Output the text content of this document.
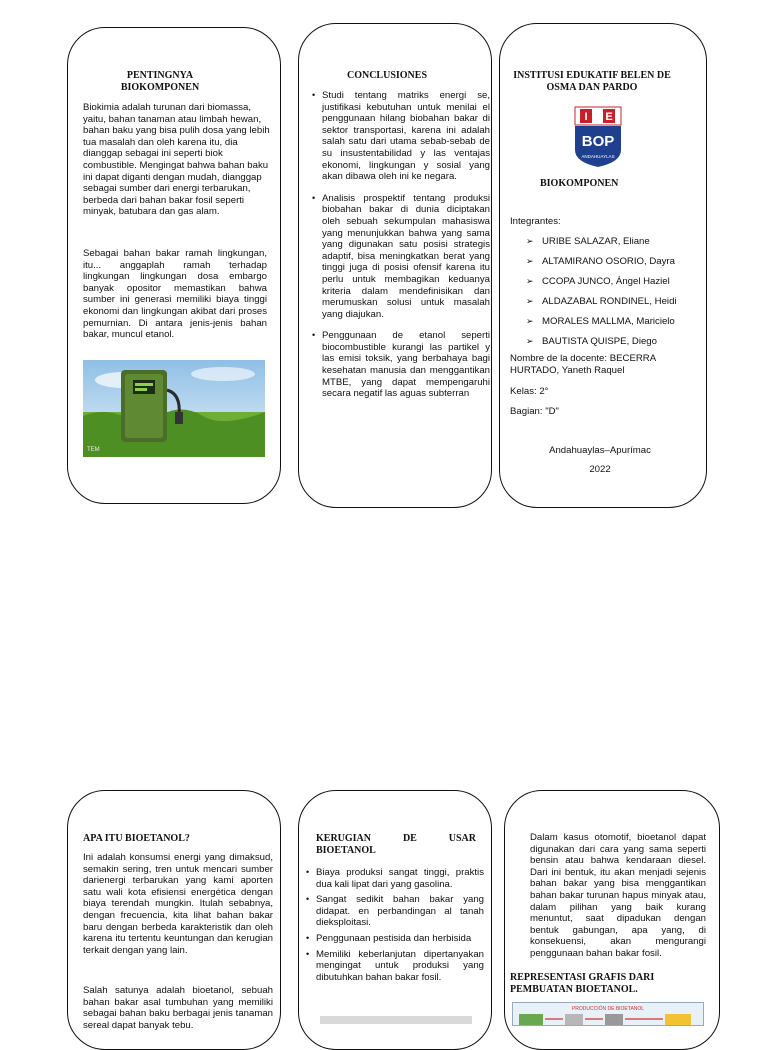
PENTINGNYA BIOKOMPONEN
Biokimia adalah turunan dari biomassa, yaitu, bahan tanaman atau limbah hewan, bahan baku yang bisa pulih dosa yang lebih tua masalah dan oleh karena itu, dia dianggap sebagai ini seperti biok combustible. Mengingat bahwa bahan baku ini dapat diganti dengan mudah, dianggap sebagai sumber dari energi terbarukan, berbeda dari bahan bakar fosil seperti minyak, batubara dan gas alam.
Sebagai bahan bakar ramah lingkungan, itu... anggaplah ramah terhadap lingkungan lingkungan dosa embargo banyak opositor memastikan bahwa sumber ini generasi memiliki biaya tinggi ekonomi dan lingkungan akibat dari proses pemurnian. Di antara jenis-jenis bahan bakar, muncul etanol.
TEM
CONCLUSIONES
• Studi tentang matriks energi se, justifikasi kebutuhan untuk menilai el penggunaan hilang biobahan bakar di sektor transportasi, karena ini adalah salah satu dari utama sebab-sebab de su insustentabilidad y las ventajas ekonomi, lingkungan y sosial yang akan dibawa oleh ini ke negara.
• Analisis prospektif tentang produksi biobahan bakar di dunia diciptakan oleh sebuah sekumpulan mahasiswa yang menunjukkan bahwa yang sama yang digunakan satu posisi strategis adaptif, bisa meningkatkan berat yang tinggi juga di posisi ofensif karena itu perlu untuk membagikan keduanya kriteria dalam mendefinisikan dan merumuskan solusi untuk masalah yang diajukan.
• Penggunaan de etanol seperti biocombustible kurangi las partikel y las emisi toksik, yang berbahaya bagi kesehatan manusia dan menggantikan MTBE, yang dapat mempengaruhi secara negatif las aguas subterran
INSTITUSI EDUKATIF BELEN DE OSMA DAN PARDO
I E
BOP
ANDAHUAYLAS
BIOKOMPONEN
Integrantes:
➢ URIBE SALAZAR, Eliane
➢ ALTAMIRANO OSORIO, Dayra
➢ CCOPA JUNCO, Ángel Haziel
➢ ALDAZABAL RONDINEL, Heidi
➢ MORALES MALLMA, Maricielo
➢ BAUTISTA QUISPE, Diego
Nombre de la docente: BECERRA HURTADO, Yaneth Raquel
Kelas: 2°
Bagian: "D"
Andahuaylas–Apurímac
2022
APA ITU BIOETANOL?
Ini adalah konsumsi energi yang dimaksud, semakin sering, tren untuk mencari sumber darienergi terbarukan yang kami aporten satu wali kota efisiensi energética dengan biaya terendah mungkin. Itulah sebabnya, dengan frecuencia, kita lihat bahan bakar baru dengan berbeda karakteristik dan oleh karena itu tertentu keuntungan dan kerugian terkait dengan yang lain.
Salah satunya adalah bioetanol, sebuah bahan bakar asal tumbuhan yang memiliki sebagai bahan baku berbagai jenis tanaman sereal dapat banyak tebu.
KERUGIAN DE USAR BIOETANOL
• Biaya produksi sangat tinggi, praktis dua kali lipat dari yang gasolina.
• Sangat sedikit bahan bakar yang didapat. en perbandingan al tanah dieksploitasi.
• Penggunaan pestisida dan herbisida
• Memiliki keberlanjutan dipertanyakan mengingat untuk produksi yang dibutuhkan bahan bakar fosil.
Dalam kasus otomotif, bioetanol dapat digunakan dari cara yang sama seperti bensin atau bahwa kendaraan diesel. Dari ini bentuk, itu akan menjadi sejenis bahan bakar yang bisa menggantikan bahan bakar turunan hapus minyak atau, dalam pilihan yang baik kurang menuntut, saat dipadukan dengan bentuk gabungan, apa yang, di konsekuensi, akan mengurangi penggunaan bahan bakar fosil.
REPRESENTASI GRAFIS DARI PEMBUATAN BIOETANOL.
PRODUCCIÓN DE BIOETANOL
